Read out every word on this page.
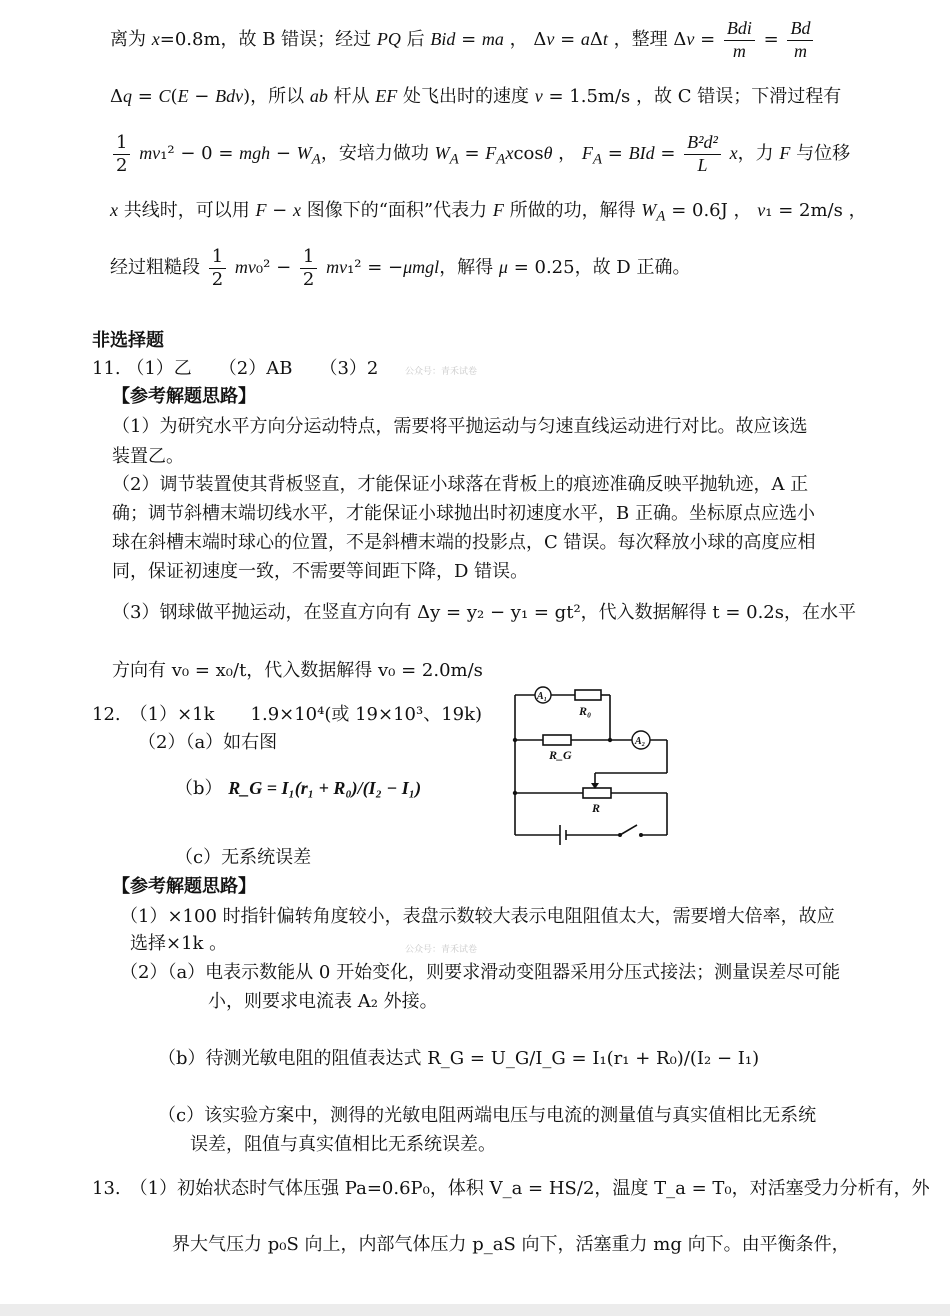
离为 x=0.8m，故 B 错误；经过 PQ 后 Bid = ma ， Δv = aΔt ，整理 $\Delta v = \frac{\text{Bdi}}{m} = \frac{Bd}{m}$
Δq = C(E − Bdv)，所以 ab 杆从 EF 处飞出时的速度 v = 1.5m/s ，故 C 错误；下滑过程有
$\frac{1}{2} mv_1^2 - 0$ = mgh − $W_A$，安培力做功 $W_A = F_Axcos\theta$ ， $F_A$ = BId = $\frac{\text{B²d²}}{L}$ x，力 F 与位移
x 共线时，可以用 F − x 图像下的“面积”代表力 F 所做的功，解得 $W_A = 0.6J$ ， v₁ = 2m/s ，
经过粗糙段 $\frac{1}{2} mv_0^2 - \frac{1}{2} mv_1^2 = -\mu mgl$，解得 μ = 0.25，故 D 正确。
非选择题
11. （1）乙　　（2）AB　　（3）2	公众号：青禾试卷
【参考解题思路】
（1）为研究水平方向分运动特点，需要将平抛运动与匀速直线运动进行对比。故应该选
装置乙。
（2）调节装置使其背板竖直，才能保证小球落在背板上的痕迹准确反映平抛轨迹，A 正
确；调节斜槽末端切线水平，才能保证小球抛出时初速度水平，B 正确。坐标原点应选小
球在斜槽末端时球心的位置，不是斜槽末端的投影点，C 错误。每次释放小球的高度应相
同，保证初速度一致，不需要等间距下降，D 错误。
（3）钢球做平抛运动，在竖直方向有 Δy = y₂ − y₁ = gt²，代入数据解得 t = 0.2s，在水平
方向有 v₀ = x₀/t，代入数据解得 v₀ = 2.0m/s
12.　（1）×1k　　1.9×10⁴(或 19×10³、19k)
（2）（a）如右图
（b） R_G = I₁(r₁ + R₀)/(I₂ − I₁)
（c）无系统误差
A₁
A₂
R₀
R_G
R
【参考解题思路】
（1）×100 时指针偏转角度较小，表盘示数较大表示电阻阻值太大，需要增大倍率，故应
选择×1k 。	公众号：青禾试卷
（2）（a）电表示数能从 0 开始变化，则要求滑动变阻器采用分压式接法；测量误差尽可能
小，则要求电流表 A₂ 外接。
（b）待测光敏电阻的阻值表达式 R_G = U_G/I_G = I₁(r₁ + R₀)/(I₂ − I₁)
（c）该实验方案中，测得的光敏电阻两端电压与电流的测量值与真实值相比无系统
误差，阻值与真实值相比无系统误差。
13.　（1）初始状态时气体压强 Pa=0.6P₀，体积 V_a = HS/2，温度 T_a = T₀，对活塞受力分析有，外
界大气压力 p₀S 向上，内部气体压力 p_aS 向下，活塞重力 mg 向下。由平衡条件，
